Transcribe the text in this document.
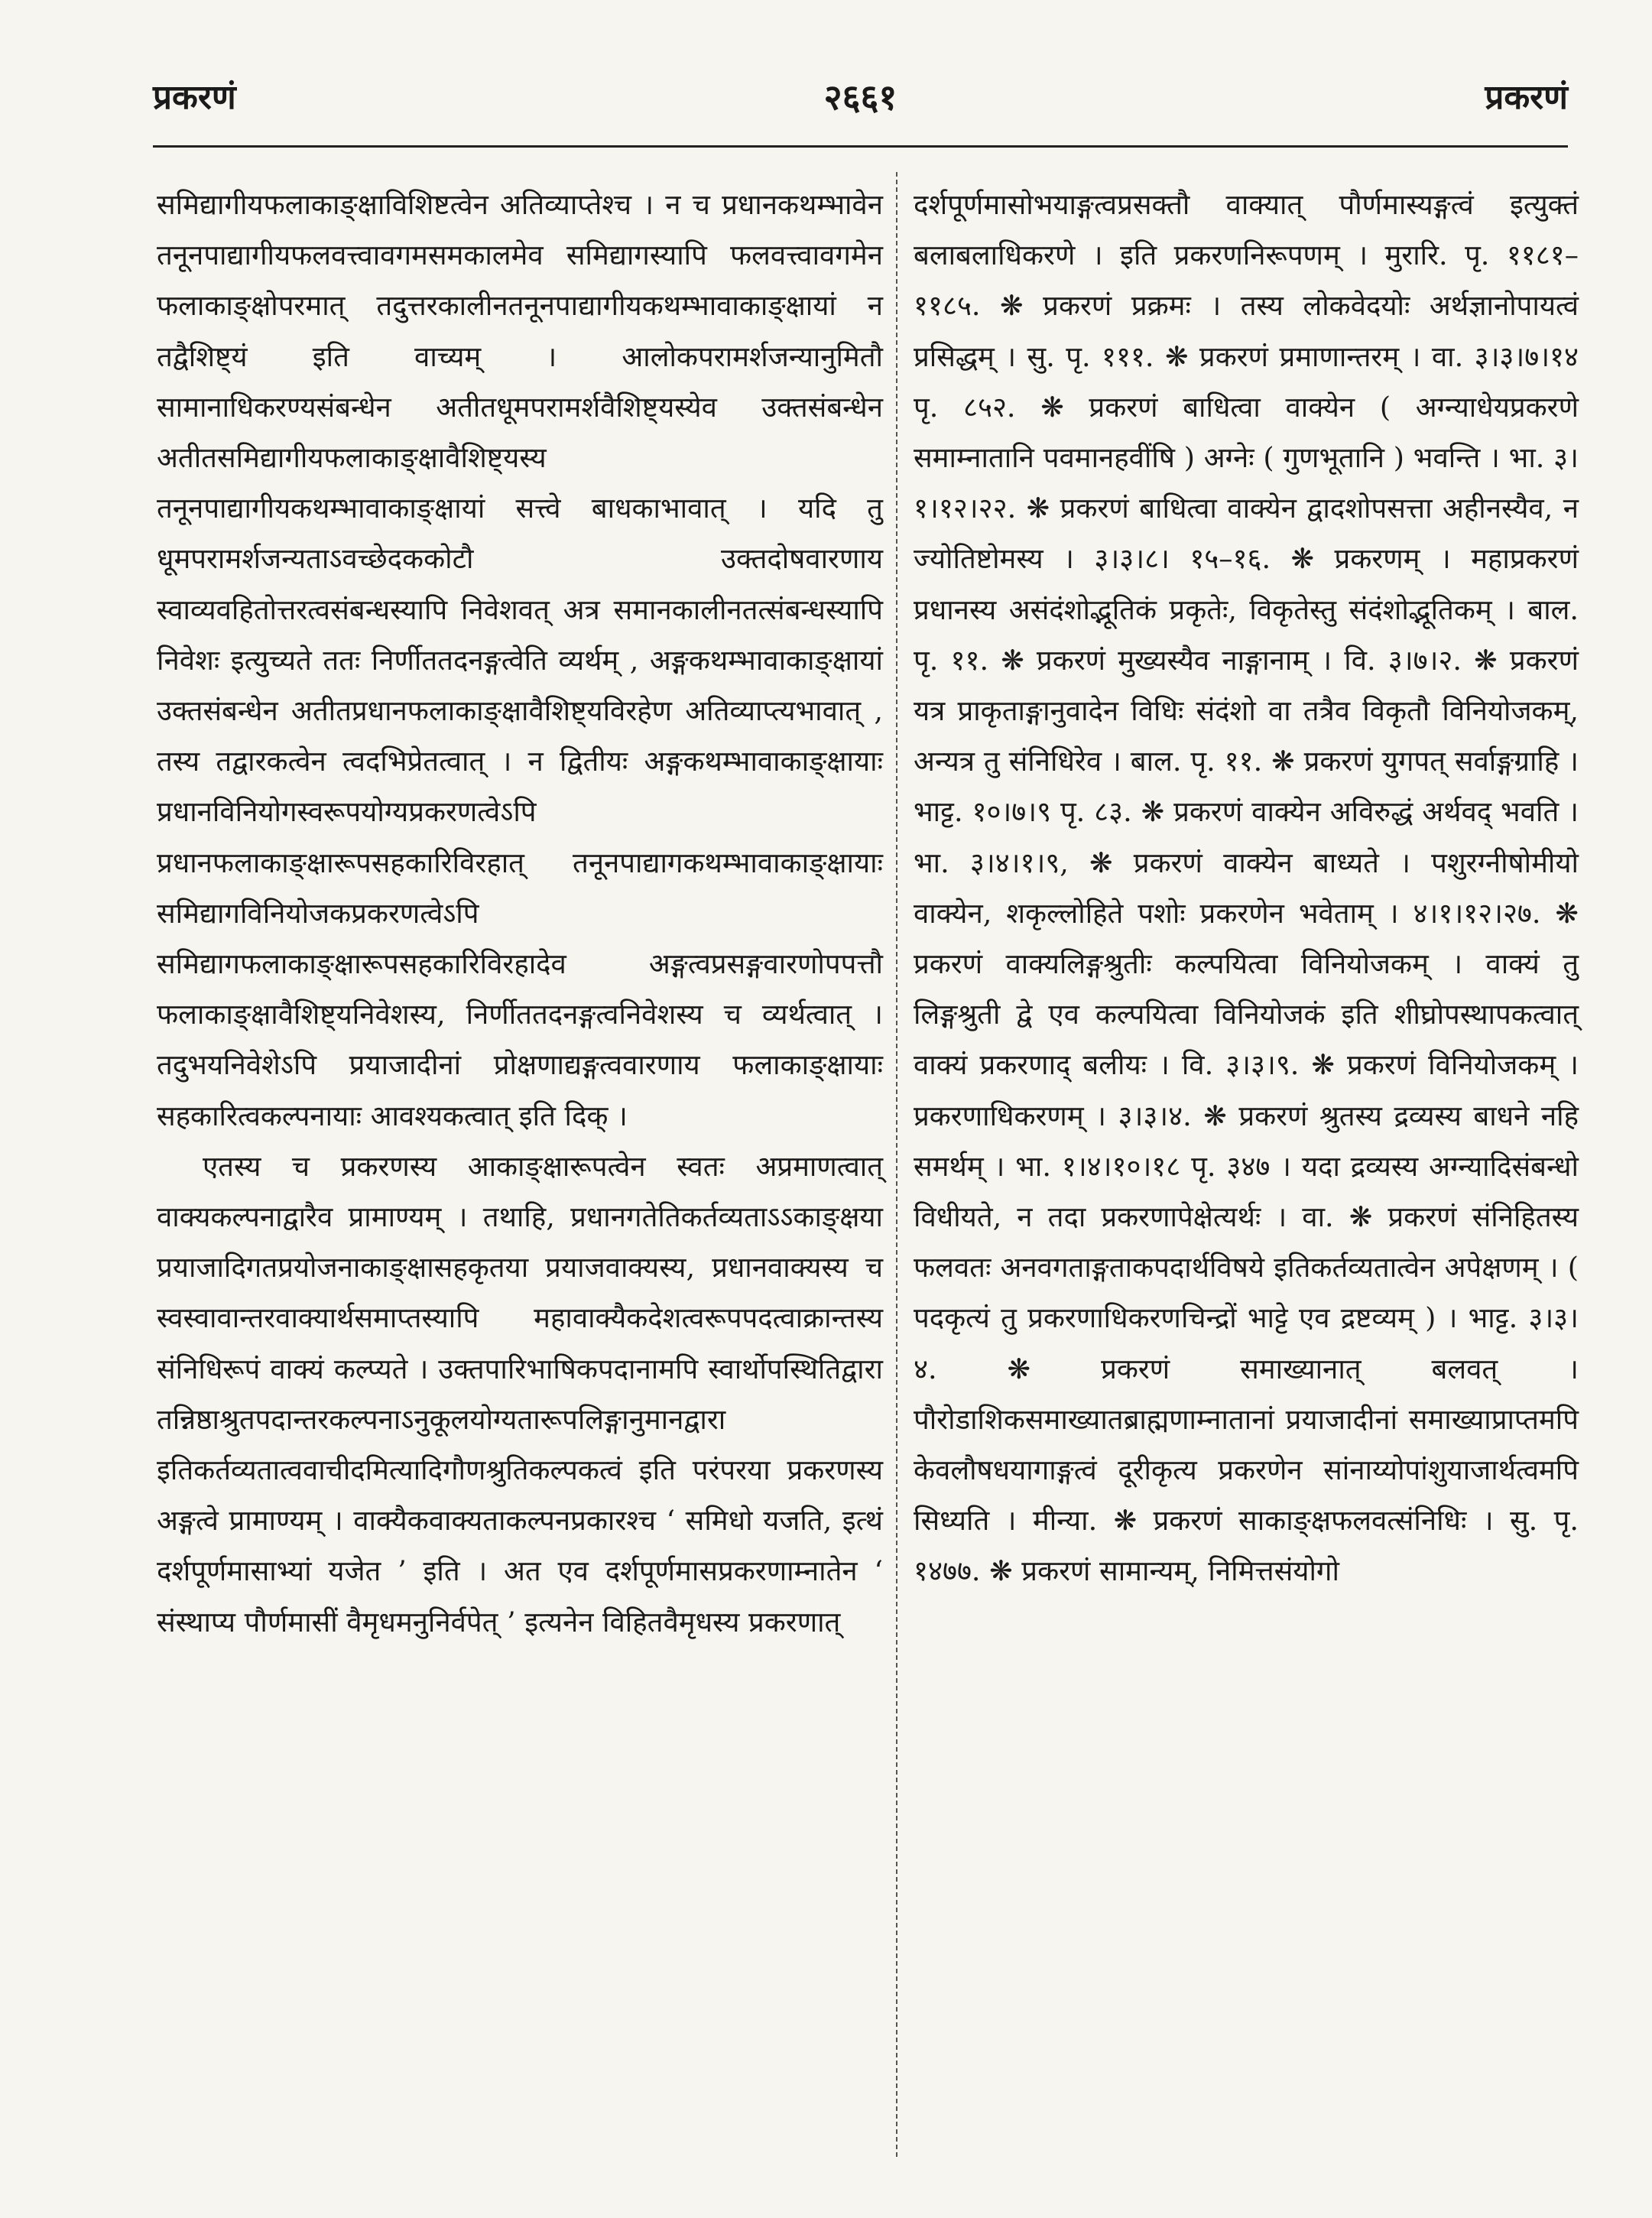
प्रकरणं	२६६१	प्रकरणं

समिद्यागीयफलाकाङ्क्षाविशिष्टत्वेन अतिव्याप्तेश्च । न च प्रधानकथम्भावेन तनूनपाद्यागीयफलवत्त्वावगमसमकालमेव समिद्यागस्यापि फलवत्त्वावगमेन फलाकाङ्क्षोपरमात् तदुत्तरकालीनतनूनपाद्यागीयकथम्भावाकाङ्क्षायां न तद्वैशिष्ट्यं इति वाच्यम् । आलोकपरामर्शजन्यानुमितौ सामानाधिकरण्यसंबन्धेन अतीतधूमपरामर्शवैशिष्ट्यस्येव उक्तसंबन्धेन अतीतसमिद्यागीयफलाकाङ्क्षावैशिष्ट्यस्य तनूनपाद्यागीयकथम्भावाकाङ्क्षायां सत्त्वे बाधकाभावात् । यदि तु धूमपरामर्शजन्यताऽवच्छेदककोटौ उक्तदोषवारणाय स्वाव्यवहितोत्तरत्वसंबन्धस्यापि निवेशवत् अत्र समानकालीनतत्संबन्धस्यापि निवेशः इत्युच्यते ततः निर्णीततदनङ्गत्वेति व्यर्थम् , अङ्गकथम्भावाकाङ्क्षायां उक्तसंबन्धेन अतीतप्रधानफलाकाङ्क्षावैशिष्ट्यविरहेण अतिव्याप्त्यभावात् , तस्य तद्वारकत्वेन त्वदभिप्रेतत्वात् । न द्वितीयः अङ्गकथम्भावाकाङ्क्षायाः प्रधानविनियोगस्वरूपयोग्यप्रकरणत्वेऽपि प्रधानफलाकाङ्क्षारूपसहकारिविरहात् तनूनपाद्यागकथम्भावाकाङ्क्षायाः समिद्यागविनियोजकप्रकरणत्वेऽपि समिद्यागफलाकाङ्क्षारूपसहकारिविरहादेव अङ्गत्वप्रसङ्गवारणोपपत्तौ फलाकाङ्क्षावैशिष्ट्यनिवेशस्य, निर्णीततदनङ्गत्वनिवेशस्य च व्यर्थत्वात् । तदुभयनिवेशेऽपि प्रयाजादीनां प्रोक्षणाद्यङ्गत्ववारणाय फलाकाङ्क्षायाः सहकारित्वकल्पनायाः आवश्यकत्वात् इति दिक् ।

एतस्य च प्रकरणस्य आकाङ्क्षारूपत्वेन स्वतः अप्रमाणत्वात् वाक्यकल्पनाद्वारैव प्रामाण्यम् । तथाहि, प्रधानगतेतिकर्तव्यताऽऽकाङ्क्षया प्रयाजादिगतप्रयोजनाकाङ्क्षासहकृतया प्रयाजवाक्यस्य, प्रधानवाक्यस्य च स्वस्वावान्तरवाक्यार्थसमाप्तस्यापि महावाक्यैकदेशत्वरूपपदत्वाक्रान्तस्य संनिधिरूपं वाक्यं कल्प्यते । उक्तपारिभाषिकपदानामपि स्वार्थोपस्थितिद्वारा तन्निष्ठाश्रुतपदान्तरकल्पनाऽनुकूलयोग्यतारूपलिङ्गानुमानद्वारा इतिकर्तव्यतात्ववाचीदमित्यादिगौणश्रुतिकल्पकत्वं इति परंपरया प्रकरणस्य अङ्गत्वे प्रामाण्यम् । वाक्यैकवाक्यताकल्पनप्रकारश्च ‘ समिधो यजति, इत्थं दर्शपूर्णमासाभ्यां यजेत ’ इति । अत एव दर्शपूर्णमासप्रकरणाम्नातेन ‘ संस्थाप्य पौर्णमासीं वैमृधमनुनिर्वपेत् ’ इत्यनेन विहितवैमृधस्य प्रकरणात्

दर्शपूर्णमासोभयाङ्गत्वप्रसक्तौ वाक्यात् पौर्णमास्यङ्गत्वं इत्युक्तं बलाबलाधिकरणे । इति प्रकरणनिरूपणम् । मुरारि. पृ. ११८१–११८५. ❋ प्रकरणं प्रक्रमः । तस्य लोकवेदयोः अर्थज्ञानोपायत्वं प्रसिद्धम् । सु. पृ. १११. ❋ प्रकरणं प्रमाणान्तरम् । वा. ३।३।७।१४ पृ. ८५२. ❋ प्रकरणं बाधित्वा वाक्येन ( अग्न्याधेयप्रकरणे समाम्नातानि पवमानहवींषि ) अग्नेः ( गुणभूतानि ) भवन्ति । भा. ३।१।१२।२२. ❋ प्रकरणं बाधित्वा वाक्येन द्वादशोपसत्ता अहीनस्यैव, न ज्योतिष्टोमस्य । ३।३।८। १५–१६. ❋ प्रकरणम् । महाप्रकरणं प्रधानस्य असंदंशोद्भूतिकं प्रकृतेः, विकृतेस्तु संदंशोद्भूतिकम् । बाल. पृ. ११. ❋ प्रकरणं मुख्यस्यैव नाङ्गानाम् । वि. ३।७।२. ❋ प्रकरणं यत्र प्राकृताङ्गानुवादेन विधिः संदंशो वा तत्रैव विकृतौ विनियोजकम्, अन्यत्र तु संनिधिरेव । बाल. पृ. ११. ❋ प्रकरणं युगपत् सर्वाङ्गग्राहि । भाट्ट. १०।७।९ पृ. ८३. ❋ प्रकरणं वाक्येन अविरुद्धं अर्थवद् भवति । भा. ३।४।१।९, ❋ प्रकरणं वाक्येन बाध्यते । पशुरग्नीषोमीयो वाक्येन, शकृल्लोहिते पशोः प्रकरणेन भवेताम् । ४।१।१२।२७. ❋ प्रकरणं वाक्यलिङ्गश्रुतीः कल्पयित्वा विनियोजकम् । वाक्यं तु लिङ्गश्रुती द्वे एव कल्पयित्वा विनियोजकं इति शीघ्रोपस्थापकत्वात् वाक्यं प्रकरणाद् बलीयः । वि. ३।३।९. ❋ प्रकरणं विनियोजकम् । प्रकरणाधिकरणम् । ३।३।४. ❋ प्रकरणं श्रुतस्य द्रव्यस्य बाधने नहि समर्थम् । भा. १।४।१०।१८ पृ. ३४७ । यदा द्रव्यस्य अग्न्यादिसंबन्धो विधीयते, न तदा प्रकरणापेक्षेत्यर्थः । वा. ❋ प्रकरणं संनिहितस्य फलवतः अनवगताङ्गताकपदार्थविषये इतिकर्तव्यतात्वेन अपेक्षणम् । ( पदकृत्यं तु प्रकरणाधिकरणचिन्द्रों भाट्टे एव द्रष्टव्यम् ) । भाट्ट. ३।३।४. ❋ प्रकरणं समाख्यानात् बलवत् । पौरोडाशिकसमाख्यातब्राह्मणाम्नातानां प्रयाजादीनां समाख्याप्राप्तमपि केवलौषधयागाङ्गत्वं दूरीकृत्य प्रकरणेन सांनाय्योपांशुयाजार्थत्वमपि सिध्यति । मीन्या. ❋ प्रकरणं साकाङ्क्षफलवत्संनिधिः । सु. पृ. १४७७. ❋ प्रकरणं सामान्यम्, निमित्तसंयोगो
